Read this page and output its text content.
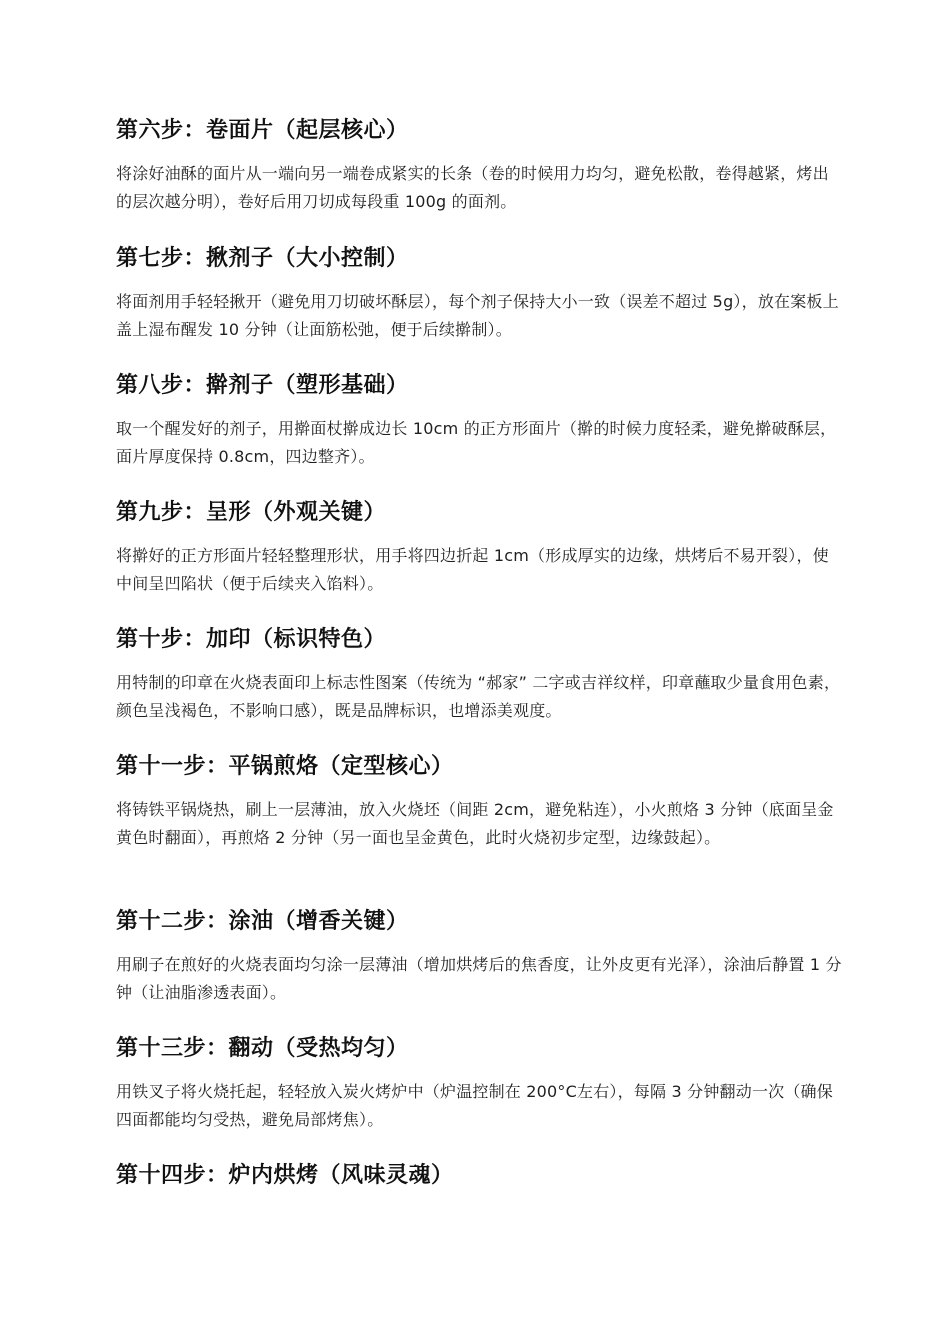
第六步：卷面片（起层核心）

将涂好油酥的面片从一端向另一端卷成紧实的长条（卷的时候用力均匀，避免松散，卷得越紧，烤出的层次越分明），卷好后用刀切成每段重 100g 的面剂。

第七步：揪剂子（大小控制）

将面剂用手轻轻揪开（避免用刀切破坏酥层），每个剂子保持大小一致（误差不超过 5g），放在案板上盖上湿布醒发 10 分钟（让面筋松弛，便于后续擀制）。

第八步：擀剂子（塑形基础）

取一个醒发好的剂子，用擀面杖擀成边长 10cm 的正方形面片（擀的时候力度轻柔，避免擀破酥层，面片厚度保持 0.8cm，四边整齐）。

第九步：呈形（外观关键）

将擀好的正方形面片轻轻整理形状，用手将四边折起 1cm（形成厚实的边缘，烘烤后不易开裂），使中间呈凹陷状（便于后续夹入馅料）。

第十步：加印（标识特色）

用特制的印章在火烧表面印上标志性图案（传统为 “郝家” 二字或吉祥纹样，印章蘸取少量食用色素，颜色呈浅褐色，不影响口感），既是品牌标识，也增添美观度。

第十一步：平锅煎烙（定型核心）

将铸铁平锅烧热，刷上一层薄油，放入火烧坯（间距 2cm，避免粘连），小火煎烙 3 分钟（底面呈金黄色时翻面），再煎烙 2 分钟（另一面也呈金黄色，此时火烧初步定型，边缘鼓起）。

第十二步：涂油（增香关键）

用刷子在煎好的火烧表面均匀涂一层薄油（增加烘烤后的焦香度，让外皮更有光泽），涂油后静置 1 分钟（让油脂渗透表面）。

第十三步：翻动（受热均匀）

用铁叉子将火烧托起，轻轻放入炭火烤炉中（炉温控制在 200°C左右），每隔 3 分钟翻动一次（确保四面都能均匀受热，避免局部烤焦）。

第十四步：炉内烘烤（风味灵魂）
